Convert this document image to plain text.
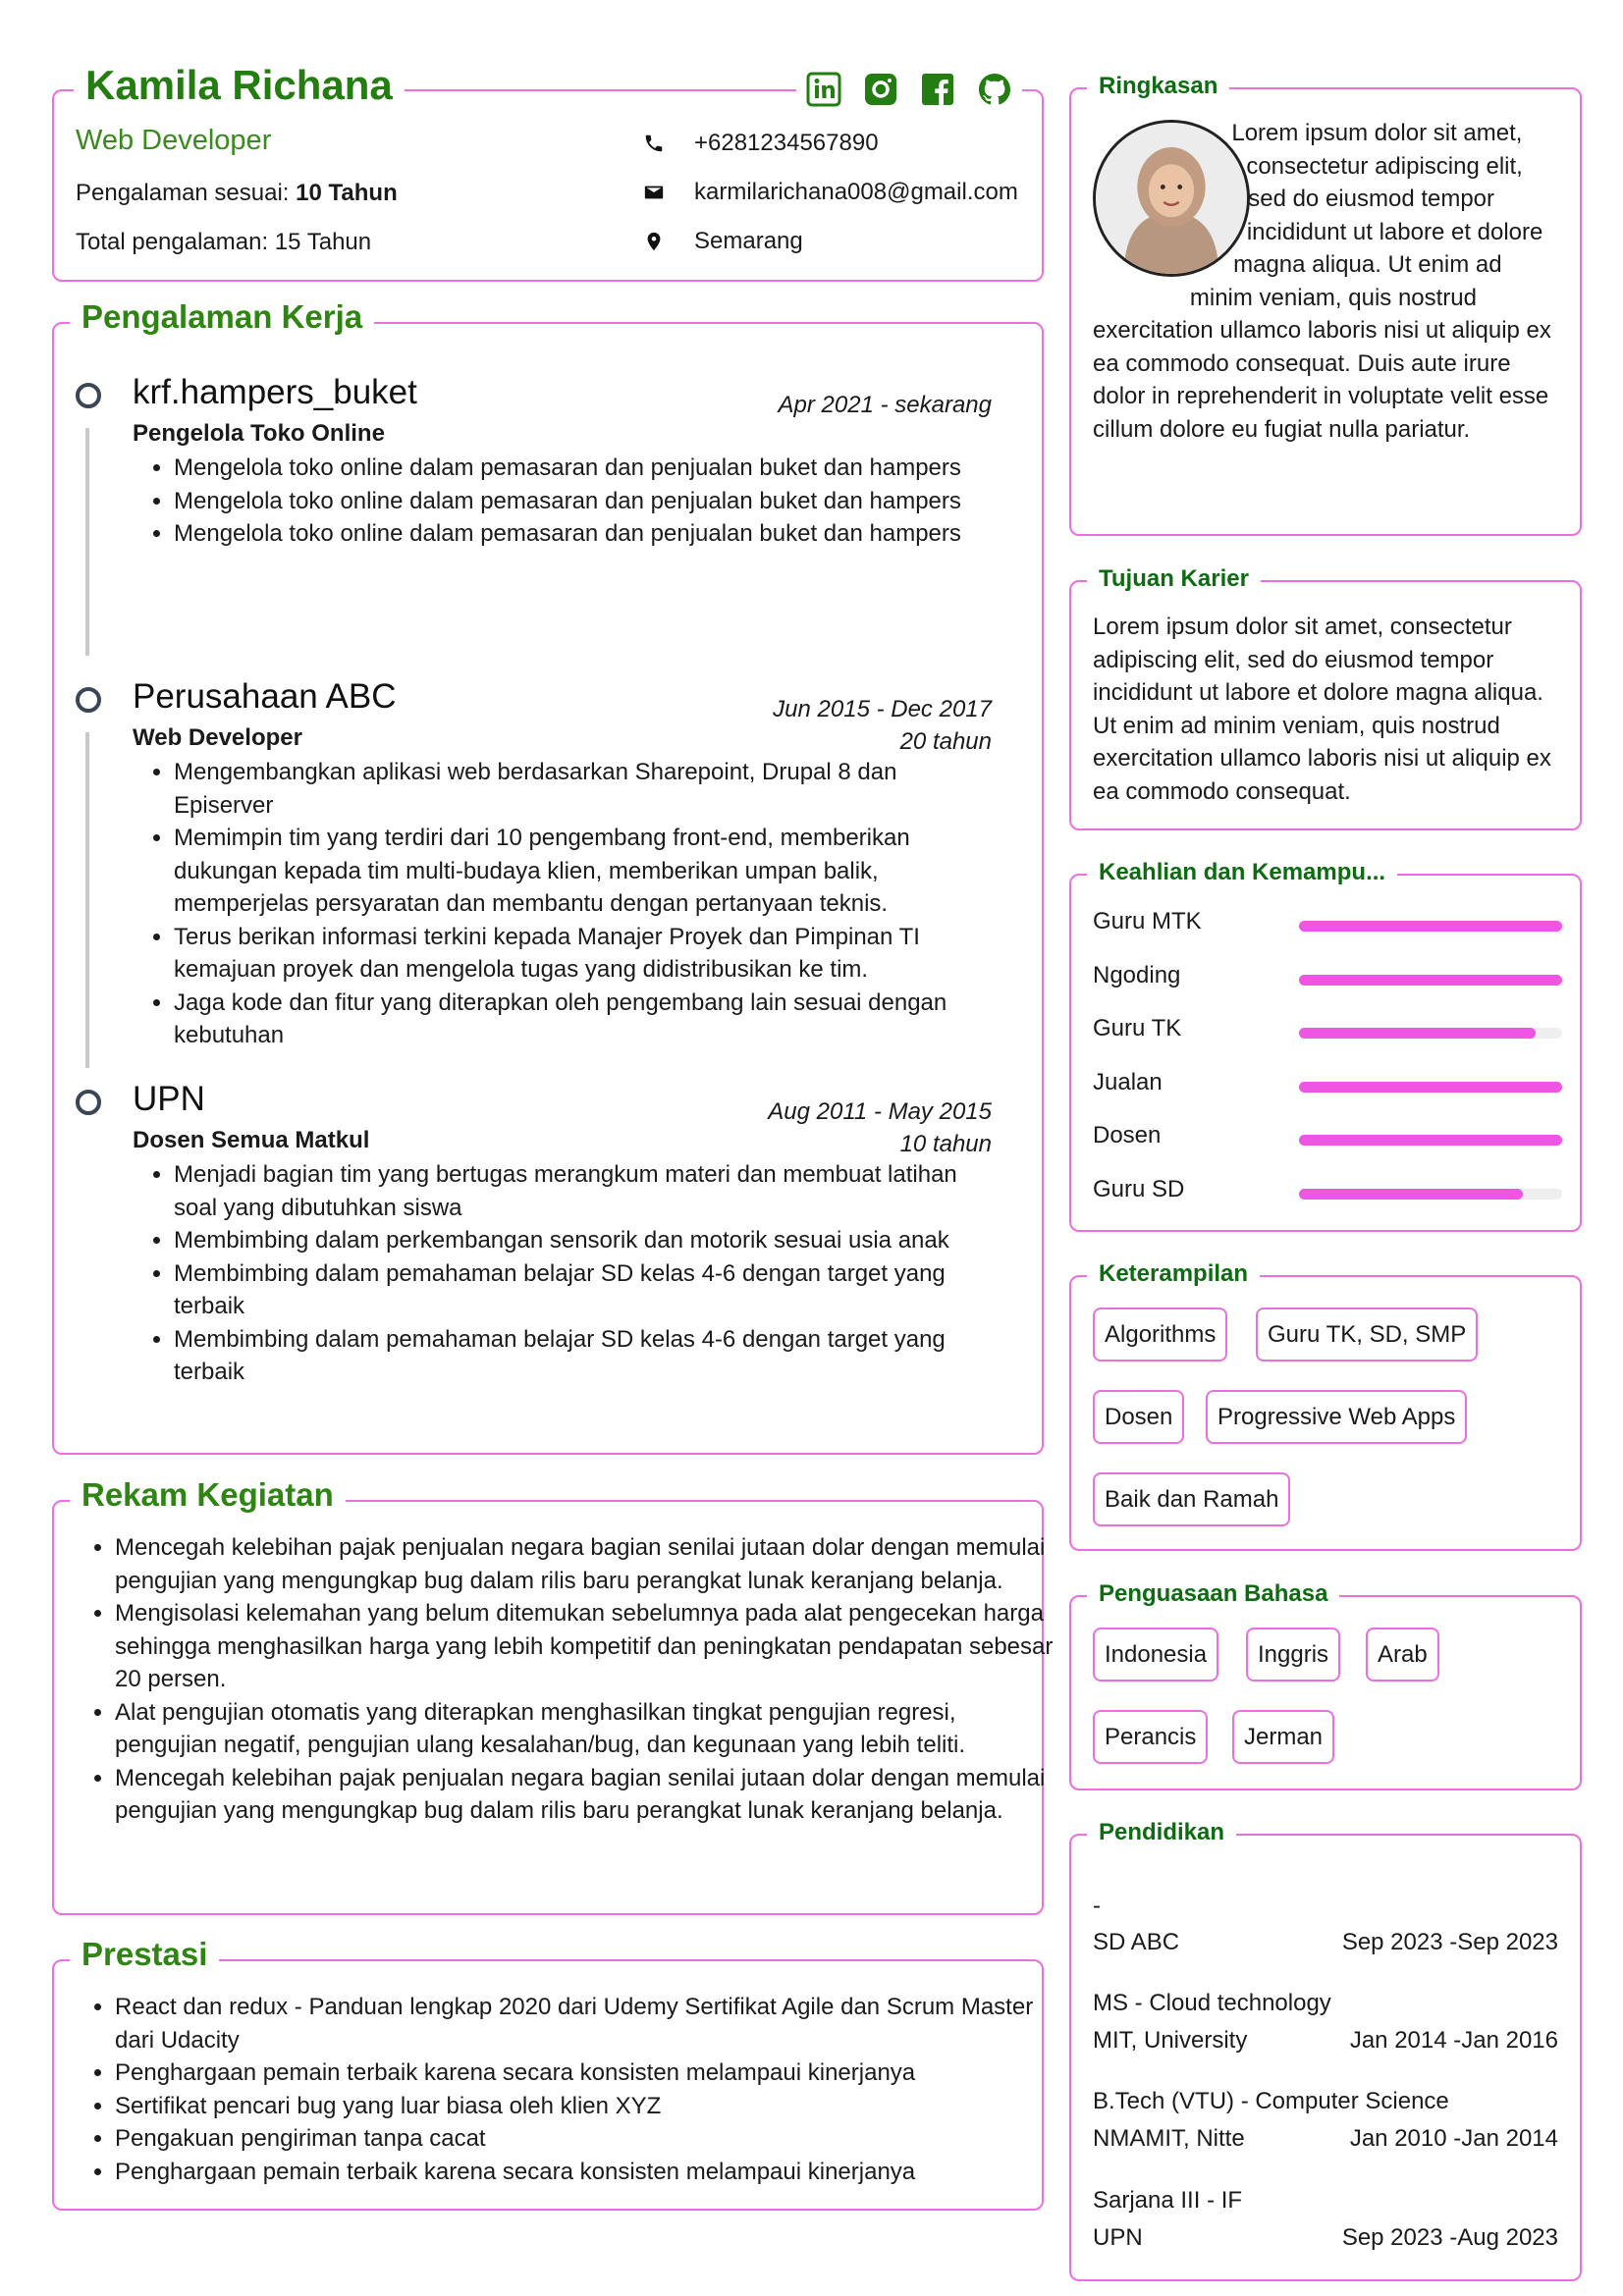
Kamila Richana
Web Developer
Pengalaman sesuai: 10 Tahun
Total pengalaman: 15 Tahun
+6281234567890
karmilarichana008@gmail.com
Semarang
Pengalaman Kerja
krf.hampers_buket	Apr 2021 - sekarang
Pengelola Toko Online
• Mengelola toko online dalam pemasaran dan penjualan buket dan hampers
• Mengelola toko online dalam pemasaran dan penjualan buket dan hampers
• Mengelola toko online dalam pemasaran dan penjualan buket dan hampers
Perusahaan ABC	Jun 2015 - Dec 2017
20 tahun
Web Developer
• Mengembangkan aplikasi web berdasarkan Sharepoint, Drupal 8 dan Episerver
• Memimpin tim yang terdiri dari 10 pengembang front-end, memberikan dukungan kepada tim multi-budaya klien, memberikan umpan balik, memperjelas persyaratan dan membantu dengan pertanyaan teknis.
• Terus berikan informasi terkini kepada Manajer Proyek dan Pimpinan TI kemajuan proyek dan mengelola tugas yang didistribusikan ke tim.
• Jaga kode dan fitur yang diterapkan oleh pengembang lain sesuai dengan kebutuhan
UPN	Aug 2011 - May 2015
10 tahun
Dosen Semua Matkul
• Menjadi bagian tim yang bertugas merangkum materi dan membuat latihan soal yang dibutuhkan siswa
• Membimbing dalam perkembangan sensorik dan motorik sesuai usia anak
• Membimbing dalam pemahaman belajar SD kelas 4-6 dengan target yang terbaik
• Membimbing dalam pemahaman belajar SD kelas 4-6 dengan target yang terbaik
Rekam Kegiatan
• Mencegah kelebihan pajak penjualan negara bagian senilai jutaan dolar dengan memulai pengujian yang mengungkap bug dalam rilis baru perangkat lunak keranjang belanja.
• Mengisolasi kelemahan yang belum ditemukan sebelumnya pada alat pengecekan harga sehingga menghasilkan harga yang lebih kompetitif dan peningkatan pendapatan sebesar 20 persen.
• Alat pengujian otomatis yang diterapkan menghasilkan tingkat pengujian regresi, pengujian negatif, pengujian ulang kesalahan/bug, dan kegunaan yang lebih teliti.
• Mencegah kelebihan pajak penjualan negara bagian senilai jutaan dolar dengan memulai pengujian yang mengungkap bug dalam rilis baru perangkat lunak keranjang belanja.
Prestasi
• React dan redux - Panduan lengkap 2020 dari Udemy Sertifikat Agile dan Scrum Master dari Udacity
• Penghargaan pemain terbaik karena secara konsisten melampaui kinerjanya
• Sertifikat pencari bug yang luar biasa oleh klien XYZ
• Pengakuan pengiriman tanpa cacat
• Penghargaan pemain terbaik karena secara konsisten melampaui kinerjanya
Ringkasan
Lorem ipsum dolor sit amet, consectetur adipiscing elit, sed do eiusmod tempor incididunt ut labore et dolore magna aliqua. Ut enim ad minim veniam, quis nostrud exercitation ullamco laboris nisi ut aliquip ex ea commodo consequat. Duis aute irure dolor in reprehenderit in voluptate velit esse cillum dolore eu fugiat nulla pariatur.
Tujuan Karier
Lorem ipsum dolor sit amet, consectetur adipiscing elit, sed do eiusmod tempor incididunt ut labore et dolore magna aliqua. Ut enim ad minim veniam, quis nostrud exercitation ullamco laboris nisi ut aliquip ex ea commodo consequat.
Keahlian dan Kemampu...
Guru MTK
Ngoding
Guru TK
Jualan
Dosen
Guru SD
Keterampilan
Algorithms	Guru TK, SD, SMP
Dosen	Progressive Web Apps
Baik dan Ramah
Penguasaan Bahasa
Indonesia	Inggris	Arab
Perancis	Jerman
Pendidikan
-
SD ABC	Sep 2023 -Sep 2023
MS - Cloud technology
MIT, University	Jan 2014 -Jan 2016
B.Tech (VTU) - Computer Science
NMAMIT, Nitte	Jan 2010 -Jan 2014
Sarjana III - IF
UPN	Sep 2023 -Aug 2023
